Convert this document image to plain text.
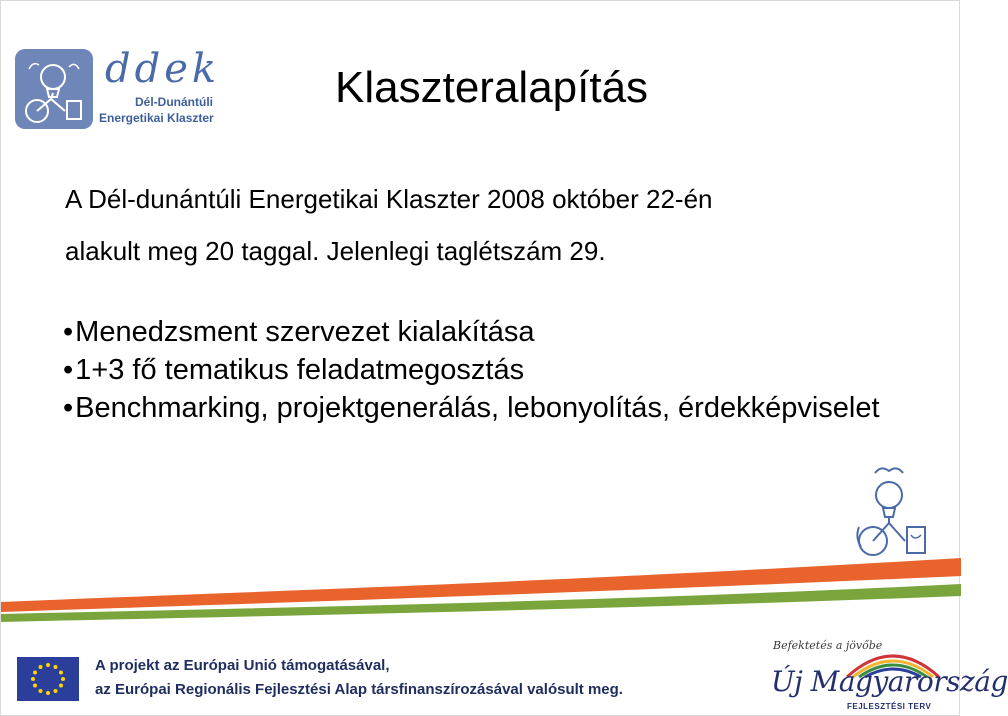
ddek
Dél-Dunántúli
Energetikai Klaszter
Klaszteralapítás

A Dél-dunántúli Energetikai Klaszter 2008 október 22-én
alakult meg 20 taggal. Jelenlegi taglétszám 29.

•Menedzsment szervezet kialakítása
•1+3 fő tematikus feladatmegosztás
•Benchmarking, projektgenerálás, lebonyolítás, érdekképviselet
A projekt az Európai Unió támogatásával,
az Európai Regionális Fejlesztési Alap társfinanszírozásával valósult meg.
Befektetés a jövőbe
Új Magyarország
FEJLESZTÉSI TERV
